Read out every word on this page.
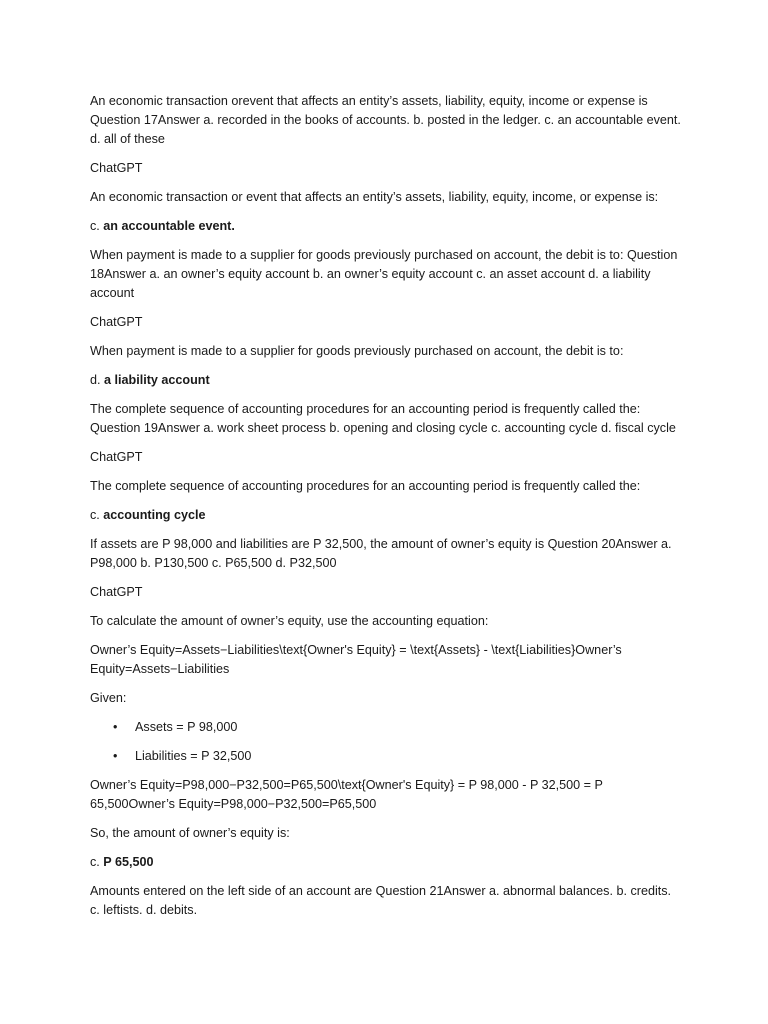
An economic transaction orevent that affects an entity’s assets, liability, equity, income or expense is Question 17Answer a. recorded in the books of accounts. b. posted in the ledger. c. an accountable event. d. all of these

ChatGPT

An economic transaction or event that affects an entity’s assets, liability, equity, income, or expense is:

c. an accountable event.

When payment is made to a supplier for goods previously purchased on account, the debit is to: Question 18Answer a. an owner’s equity account b. an owner’s equity account c. an asset account d. a liability account

ChatGPT

When payment is made to a supplier for goods previously purchased on account, the debit is to:

d. a liability account

The complete sequence of accounting procedures for an accounting period is frequently called the: Question 19Answer a. work sheet process b. opening and closing cycle c. accounting cycle d. fiscal cycle

ChatGPT

The complete sequence of accounting procedures for an accounting period is frequently called the:

c. accounting cycle

If assets are P 98,000 and liabilities are P 32,500, the amount of owner’s equity is Question 20Answer a. P98,000 b. P130,500 c. P65,500 d. P32,500

ChatGPT

To calculate the amount of owner’s equity, use the accounting equation:

Owner’s Equity=Assets−Liabilities\text{Owner's Equity} = \text{Assets} - \text{Liabilities}Owner’s Equity=Assets−Liabilities

Given:

• Assets = P 98,000
• Liabilities = P 32,500

Owner’s Equity=P98,000−P32,500=P65,500\text{Owner's Equity} = P 98,000 - P 32,500 = P 65,500Owner’s Equity=P98,000−P32,500=P65,500

So, the amount of owner’s equity is:

c. P 65,500

Amounts entered on the left side of an account are Question 21Answer a. abnormal balances. b. credits. c. leftists. d. debits.
